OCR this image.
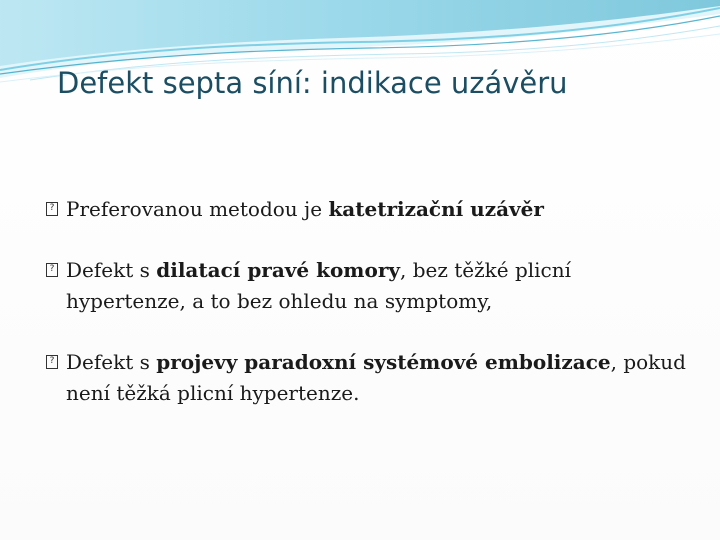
Defekt septa síní: indikace uzávěru

? Preferovanou metodou je katetrizační uzávěr

? Defekt s dilatací pravé komory, bez těžké plicní hypertenze, a to bez ohledu na symptomy,

? Defekt s projevy paradoxní systémové embolizace, pokud není těžká plicní hypertenze.
